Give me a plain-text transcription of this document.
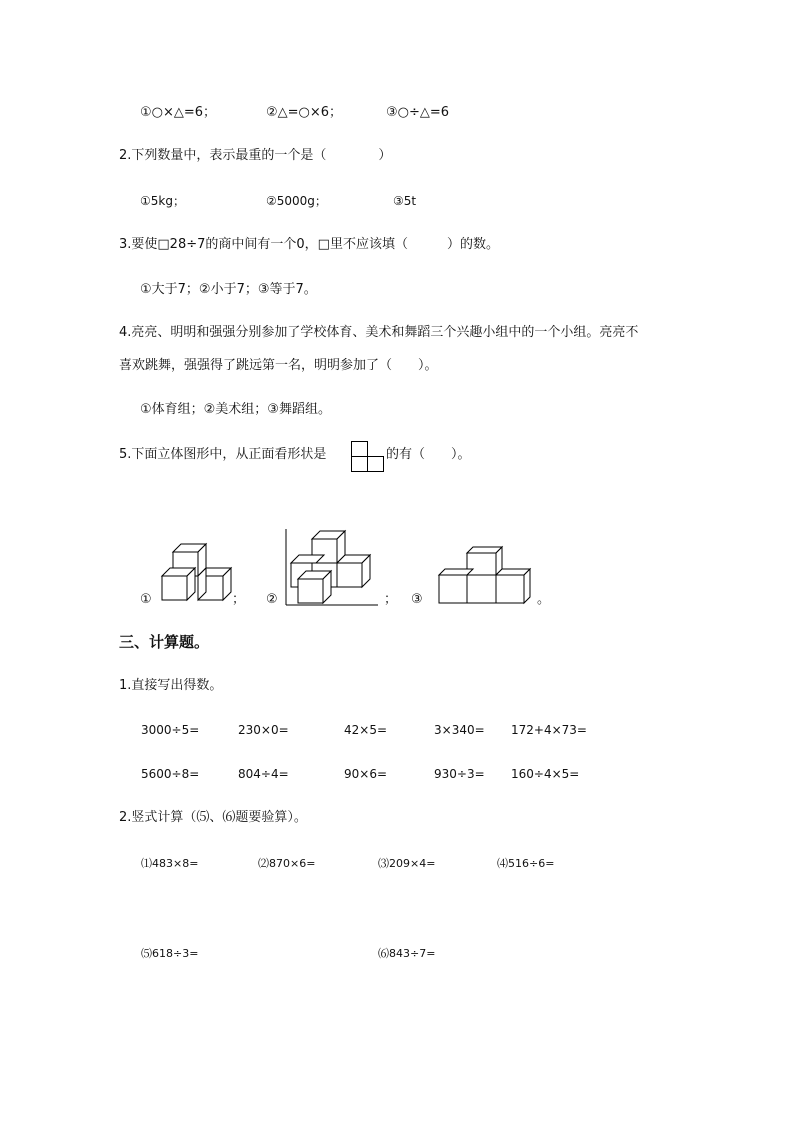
①○×△=6；	②△=○×6；	③○÷△=6
2.下列数量中，表示最重的一个是（　　　　）
①5kg；	②5000g；	③5t
3.要使□28÷7的商中间有一个0，□里不应该填（　　　）的数。
①大于7；②小于7；③等于7。
4.亮亮、明明和强强分别参加了学校体育、美术和舞蹈三个兴趣小组中的一个小组。亮亮不
喜欢跳舞，强强得了跳远第一名，明明参加了（　　）。
①体育组；②美术组；③舞蹈组。
5.下面立体图形中，从正面看形状是	的有（　　）。
①	； ②	； ③	。
三、计算题。
1.直接写出得数。
3000÷5=	230×0=	42×5=	3×340= 172+4×73=
5600÷8=	804÷4=	90×6=	930÷3= 160÷4×5=
2.竖式计算（⑸、⑹题要验算）。
⑴483×8=	⑵870×6=	⑶209×4=	⑷516÷6=
⑸618÷3=	⑹843÷7=
